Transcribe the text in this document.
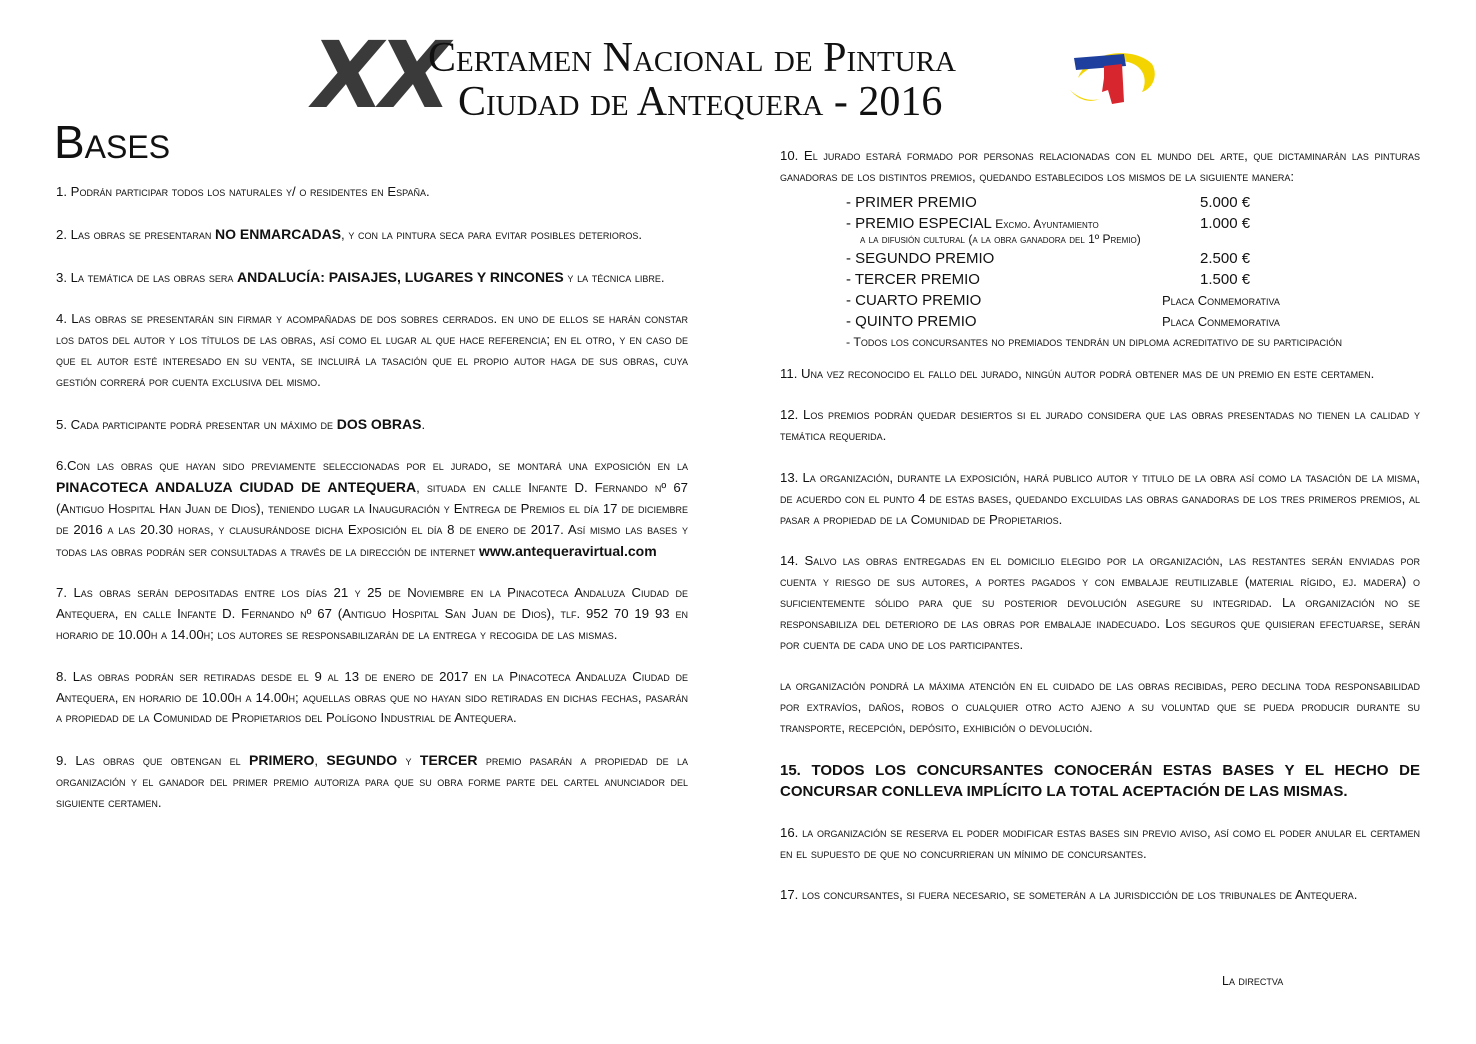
XX
Certamen Nacional de Pintura
Ciudad de Antequera - 2016
Bases

1. Podrán participar todos los naturales y/ o residentes en España.

2. Las obras se presentaran NO ENMARCADAS, y con la pintura seca para evitar posibles deterioros.

3. La temática de las obras sera ANDALUCÍA: PAISAJES, LUGARES Y RINCONES y la técnica libre.

4. Las obras se presentarán sin firmar y acompañadas de dos sobres cerrados. en uno de ellos se harán constar los datos del autor y los títulos de las obras, así como el lugar al que hace referencia; en el otro, y en caso de que el autor esté interesado en su venta, se incluirá la tasación que el propio autor haga de sus obras, cuya gestión correrá por cuenta exclusiva del mismo.

5. Cada participante podrá presentar un máximo de DOS OBRAS.

6.Con las obras que hayan sido previamente seleccionadas por el jurado, se montará una exposición en la PINACOTECA ANDALUZA CIUDAD DE ANTEQUERA, situada en calle Infante D. Fernando nº 67 (Antiguo Hospital Han Juan de Dios), teniendo lugar la Inauguración y Entrega de Premios el día 17 de diciembre de 2016 a las 20.30 horas, y clausurándose dicha Exposición el día 8 de enero de 2017. Así mismo las bases y todas las obras podrán ser consultadas a través de la dirección de internet www.antequeravirtual.com

7. Las obras serán depositadas entre los días 21 y 25 de Noviembre en la Pinacoteca Andaluza Ciudad de Antequera, en calle Infante D. Fernando nº 67 (Antiguo Hospital San Juan de Dios), tlf. 952 70 19 93 en horario de 10.00h a 14.00h; los autores se responsabilizarán de la entrega y recogida de las mismas.

8. Las obras podrán ser retiradas desde el 9 al 13 de enero de 2017 en la Pinacoteca Andaluza Ciudad de Antequera, en horario de 10.00h a 14.00h; aquellas obras que no hayan sido retiradas en dichas fechas, pasarán a propiedad de la Comunidad de Propietarios del Polígono Industrial de Antequera.

9. Las obras que obtengan el PRIMERO, SEGUNDO y TERCER premio pasarán a propiedad de la organización y el ganador del primer premio autoriza para que su obra forme parte del cartel anunciador del siguiente certamen.

10. El jurado estará formado por personas relacionadas con el mundo del arte, que dictaminarán las pinturas ganadoras de los distintos premios, quedando establecidos los mismos de la siguiente manera:

- PRIMER PREMIO	5.000 €
- PREMIO ESPECIAL Excmo. Ayuntamiento	1.000 €
a la difusión cultural (a la obra ganadora del 1º Premio)
- SEGUNDO PREMIO	2.500 €
- TERCER PREMIO	1.500 €
- CUARTO PREMIO	Placa Conmemorativa
- QUINTO PREMIO	Placa Conmemorativa
- Todos los concursantes no premiados tendrán un diploma acreditativo de su participación

11. Una vez reconocido el fallo del jurado, ningún autor podrá obtener mas de un premio en este certamen.

12. Los premios podrán quedar desiertos si el jurado considera que las obras presentadas no tienen la calidad y temática requerida.

13. La organización, durante la exposición, hará publico autor y titulo de la obra así como la tasación de la misma, de acuerdo con el punto 4 de estas bases, quedando excluidas las obras ganadoras de los tres primeros premios, al pasar a propiedad de la Comunidad de Propietarios.

14. Salvo las obras entregadas en el domicilio elegido por la organización, las restantes serán enviadas por cuenta y riesgo de sus autores, a portes pagados y con embalaje reutilizable (material rígido, ej. madera) o suficientemente sólido para que su posterior devolución asegure su integridad. La organización no se responsabiliza del deterioro de las obras por embalaje inadecuado. Los seguros que quisieran efectuarse, serán por cuenta de cada uno de los participantes.

la organización pondrá la máxima atención en el cuidado de las obras recibidas, pero declina toda responsabilidad por extravíos, daños, robos o cualquier otro acto ajeno a su voluntad que se pueda producir durante su transporte, recepción, depósito, exhibición o devolución.

15. TODOS LOS CONCURSANTES CONOCERÁN ESTAS BASES Y EL HECHO DE CONCURSAR CONLLEVA IMPLÍCITO LA TOTAL ACEPTACIÓN DE LAS MISMAS.

16. la organización se reserva el poder modificar estas bases sin previo aviso, así como el poder anular el certamen en el supuesto de que no concurrieran un mínimo de concursantes.

17. los concursantes, si fuera necesario, se someterán a la jurisdicción de los tribunales de Antequera.

La directva
